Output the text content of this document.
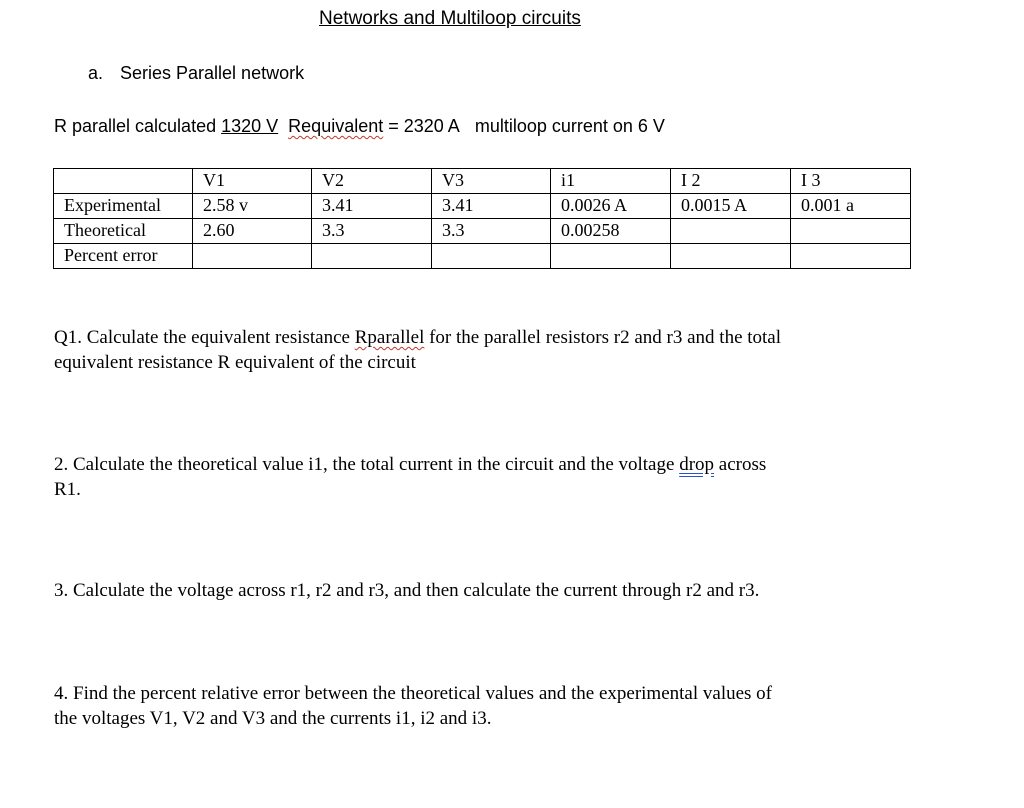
Networks and Multiloop circuits
a. Series Parallel network
R parallel calculated 1320 V Requivalent = 2320 A multiloop current on 6 V
	V1	V2	V3	i1	I 2	I 3
Experimental	2.58 v	3.41	3.41	0.0026 A	0.0015 A	0.001 a
Theoretical	2.60	3.3	3.3	0.00258		
Percent error						
Q1. Calculate the equivalent resistance Rparallel for the parallel resistors r2 and r3 and the total
equivalent resistance R equivalent of the circuit
2. Calculate the theoretical value i1, the total current in the circuit and the voltage drop across
R1.
3. Calculate the voltage across r1, r2 and r3, and then calculate the current through r2 and r3.
4. Find the percent relative error between the theoretical values and the experimental values of
the voltages V1, V2 and V3 and the currents i1, i2 and i3.
